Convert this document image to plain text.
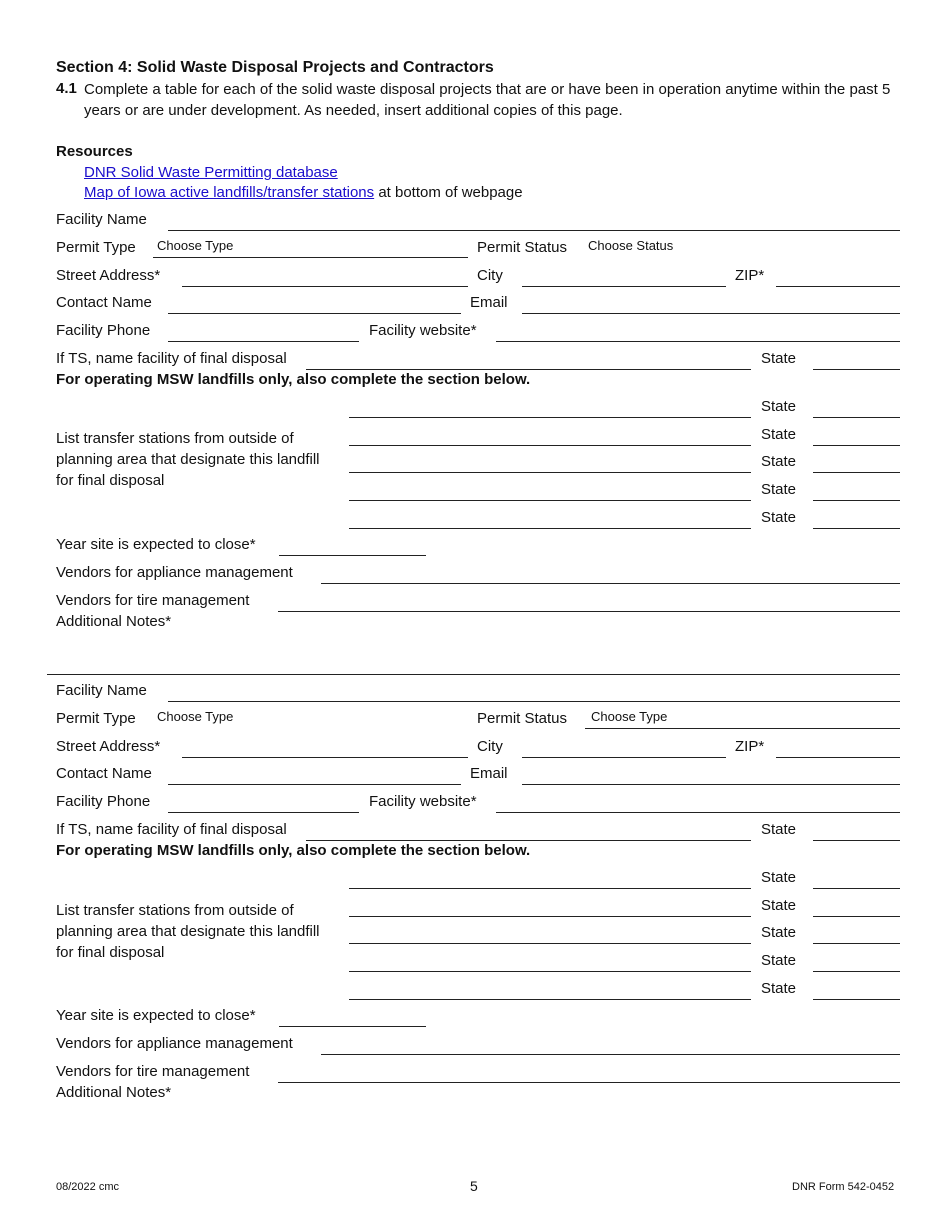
Section 4: Solid Waste Disposal Projects and Contractors
4.1 Complete a table for each of the solid waste disposal projects that are or have been in operation anytime within the past 5 years or are under development. As needed, insert additional copies of this page.
Resources
DNR Solid Waste Permitting database
Map of Iowa active landfills/transfer stations at bottom of webpage
Facility Name
Permit Type Choose Type	Permit Status Choose Status
Street Address*	City	ZIP*
Contact Name	Email
Facility Phone	Facility website*
If TS, name facility of final disposal	State
For operating MSW landfills only, also complete the section below.
List transfer stations from outside of planning area that designate this landfill for final disposal
State
State
State
State
State
Year site is expected to close*
Vendors for appliance management
Vendors for tire management
Additional Notes*
Facility Name
Permit Type Choose Type	Permit Status Choose Type
Street Address*	City	ZIP*
Contact Name	Email
Facility Phone	Facility website*
If TS, name facility of final disposal	State
For operating MSW landfills only, also complete the section below.
List transfer stations from outside of planning area that designate this landfill for final disposal
State
State
State
State
State
Year site is expected to close*
Vendors for appliance management
Vendors for tire management
Additional Notes*
08/2022 cmc	5	DNR Form 542-0452
